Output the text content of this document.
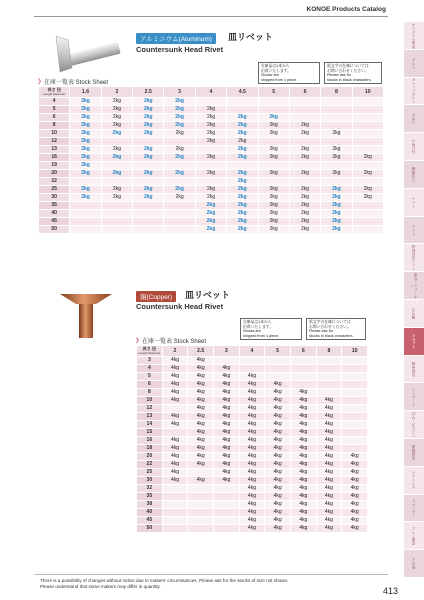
KONOE Products Catalog
オリジナル製品
ボルト
キャップボルト
小ねじ
六角穴付
樹脂ねじ
ナット
ナット
特殊形状ナット
座金・スペーサー
止め輪
リベット
精密部品
インサート
ばね・圧入ピン
樹脂部品
ステンレス
スペーサー
アルミ製品
その他
アルミニウム(Aluminum)	皿リベット
Countersunk Head Rivet
在庫品は1本から
出荷いたします。
Stocks are
shipped from 1 piece.
黒文字の在庫については
お問い合わせください。
Please ask for
stocks in black characters.
》在庫一覧表 Stock Sheet
長さ 径
Length Diameter	1.6	2	2.5	3	4	4.5	5	6	8	10
4	2kg	2kg	2kg	2kg						
5	2kg	2kg	2kg	2kg	2kg					
6	2kg	2kg	2kg	2kg	2kg	2kg	2kg			
8	2kg	2kg	2kg	2kg	2kg	2kg	2kg	2kg		
10	2kg	2kg	2kg	2kg	2kg	2kg	2kg	2kg	2kg	
12	2kg				2kg	2kg				
13	2kg	2kg	2kg	2kg		2kg	2kg	2kg	2kg	
16	2kg	2kg	2kg	2kg	2kg	2kg	2kg	2kg	2kg	2kg
19	2kg									
20	2kg	2kg	2kg	2kg	2kg	2kg	2kg	2kg	2kg	2kg
22						2kg				
25	2kg	2kg	2kg	2kg	2kg	2kg	2kg	2kg	2kg	2kg
30	2kg	2kg	2kg	2kg	2kg	2kg	2kg	2kg	2kg	2kg
35					2kg	2kg	2kg	2kg	2kg	
40					2kg	2kg	2kg	2kg	2kg	
45					2kg	2kg	2kg	2kg	2kg	
50					2kg	2kg	2kg	2kg	2kg	
銅(Copper)	皿リベット
Countersunk Head Rivet
在庫品は1本から
出荷いたします。
Stocks are
shipped from 1 piece.
黒文字の在庫については
お問い合わせください。
Please ask for
stocks in black characters.
》在庫一覧表 Stock Sheet
長さ 径
Length Diameter	2	2.5	3	4	5	6	8	10
3	4kg	4kg						
4	4kg	4kg	4kg					
5	4kg	4kg	4kg	4kg				
6	4kg	4kg	4kg	4kg	4kg			
8	4kg	4kg	4kg	4kg	4kg	4kg		
10	4kg	4kg	4kg	4kg	4kg	4kg	4kg	
12		4kg	4kg	4kg	4kg	4kg	4kg	
13	4kg	4kg	4kg	4kg	4kg	4kg	4kg	
14	4kg	4kg	4kg	4kg	4kg	4kg	4kg	
15		4kg	4kg	4kg	4kg	4kg	4kg	
16	4kg	4kg	4kg	4kg	4kg	4kg	4kg	
18	4kg	4kg	4kg	4kg	4kg	4kg	4kg	
20	4kg	4kg	4kg	4kg	4kg	4kg	4kg	4kg
22	4kg	4kg	4kg	4kg	4kg	4kg	4kg	4kg
25	4kg		4kg	4kg	4kg	4kg	4kg	4kg
30	4kg	4kg	4kg	4kg	4kg	4kg	4kg	4kg
32				4kg	4kg	4kg	4kg	4kg
35				4kg	4kg	4kg	4kg	4kg
38				4kg	4kg	4kg	4kg	4kg
40				4kg	4kg	4kg	4kg	4kg
45				4kg	4kg	4kg	4kg	4kg
50				4kg	4kg	4kg	4kg	4kg
There is a possibility of changes without notice due to makers' circumstances. Please ask for the stocks of size not shown.
Please understand that some makers may differ in quantity.	413
